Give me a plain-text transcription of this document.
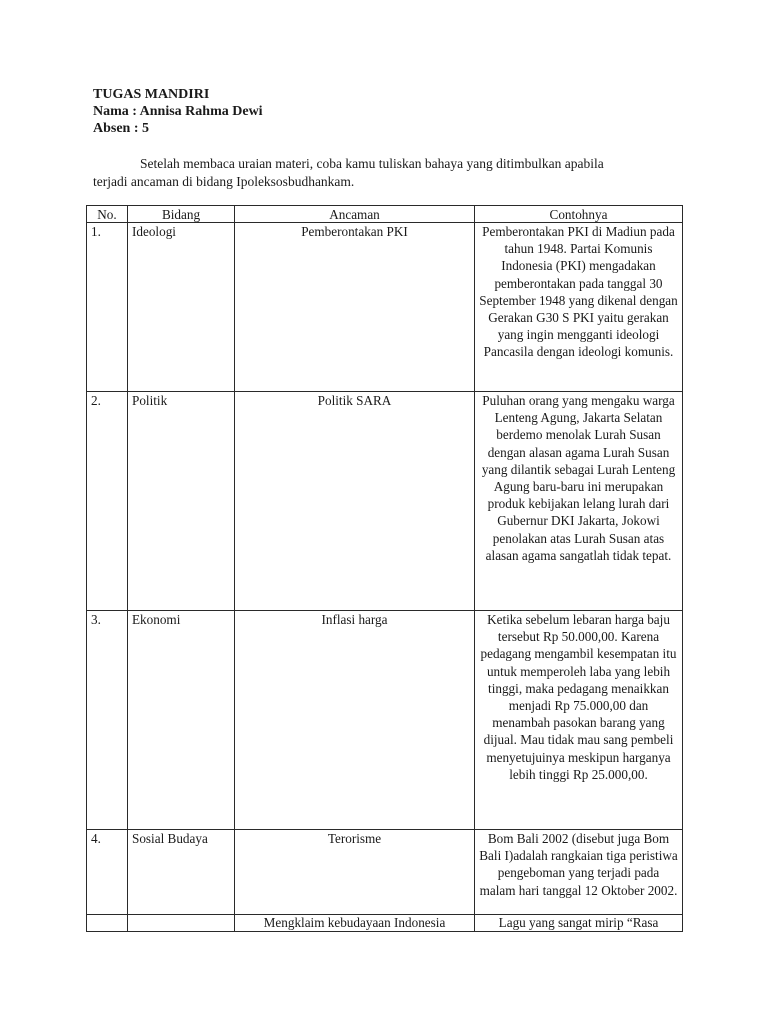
TUGAS MANDIRI
Nama : Annisa Rahma Dewi
Absen : 5
Setelah membaca uraian materi, coba kamu tuliskan bahaya yang ditimbulkan apabila
terjadi ancaman di bidang Ipoleksosbudhankam.
No.	Bidang	Ancaman	Contohnya
1.	Ideologi	Pemberontakan PKI	Pemberontakan PKI di Madiun pada tahun 1948. Partai Komunis Indonesia (PKI) mengadakan pemberontakan pada tanggal 30 September 1948 yang dikenal dengan Gerakan G30 S PKI yaitu gerakan yang ingin mengganti ideologi Pancasila dengan ideologi komunis.
2.	Politik	Politik SARA	Puluhan orang yang mengaku warga Lenteng Agung, Jakarta Selatan berdemo menolak Lurah Susan dengan alasan agama Lurah Susan yang dilantik sebagai Lurah Lenteng Agung baru-baru ini merupakan produk kebijakan lelang lurah dari Gubernur DKI Jakarta, Jokowi penolakan atas Lurah Susan atas alasan agama sangatlah tidak tepat.
3.	Ekonomi	Inflasi harga	Ketika sebelum lebaran harga baju tersebut Rp 50.000,00. Karena pedagang mengambil kesempatan itu untuk memperoleh laba yang lebih tinggi, maka pedagang menaikkan menjadi Rp 75.000,00 dan menambah pasokan barang yang dijual. Mau tidak mau sang pembeli menyetujuinya meskipun harganya lebih tinggi Rp 25.000,00.
4.	Sosial Budaya	Terorisme	Bom Bali 2002 (disebut juga Bom Bali I)adalah rangkaian tiga peristiwa pengeboman yang terjadi pada malam hari tanggal 12 Oktober 2002.
		Mengklaim kebudayaan Indonesia	Lagu yang sangat mirip “Rasa
